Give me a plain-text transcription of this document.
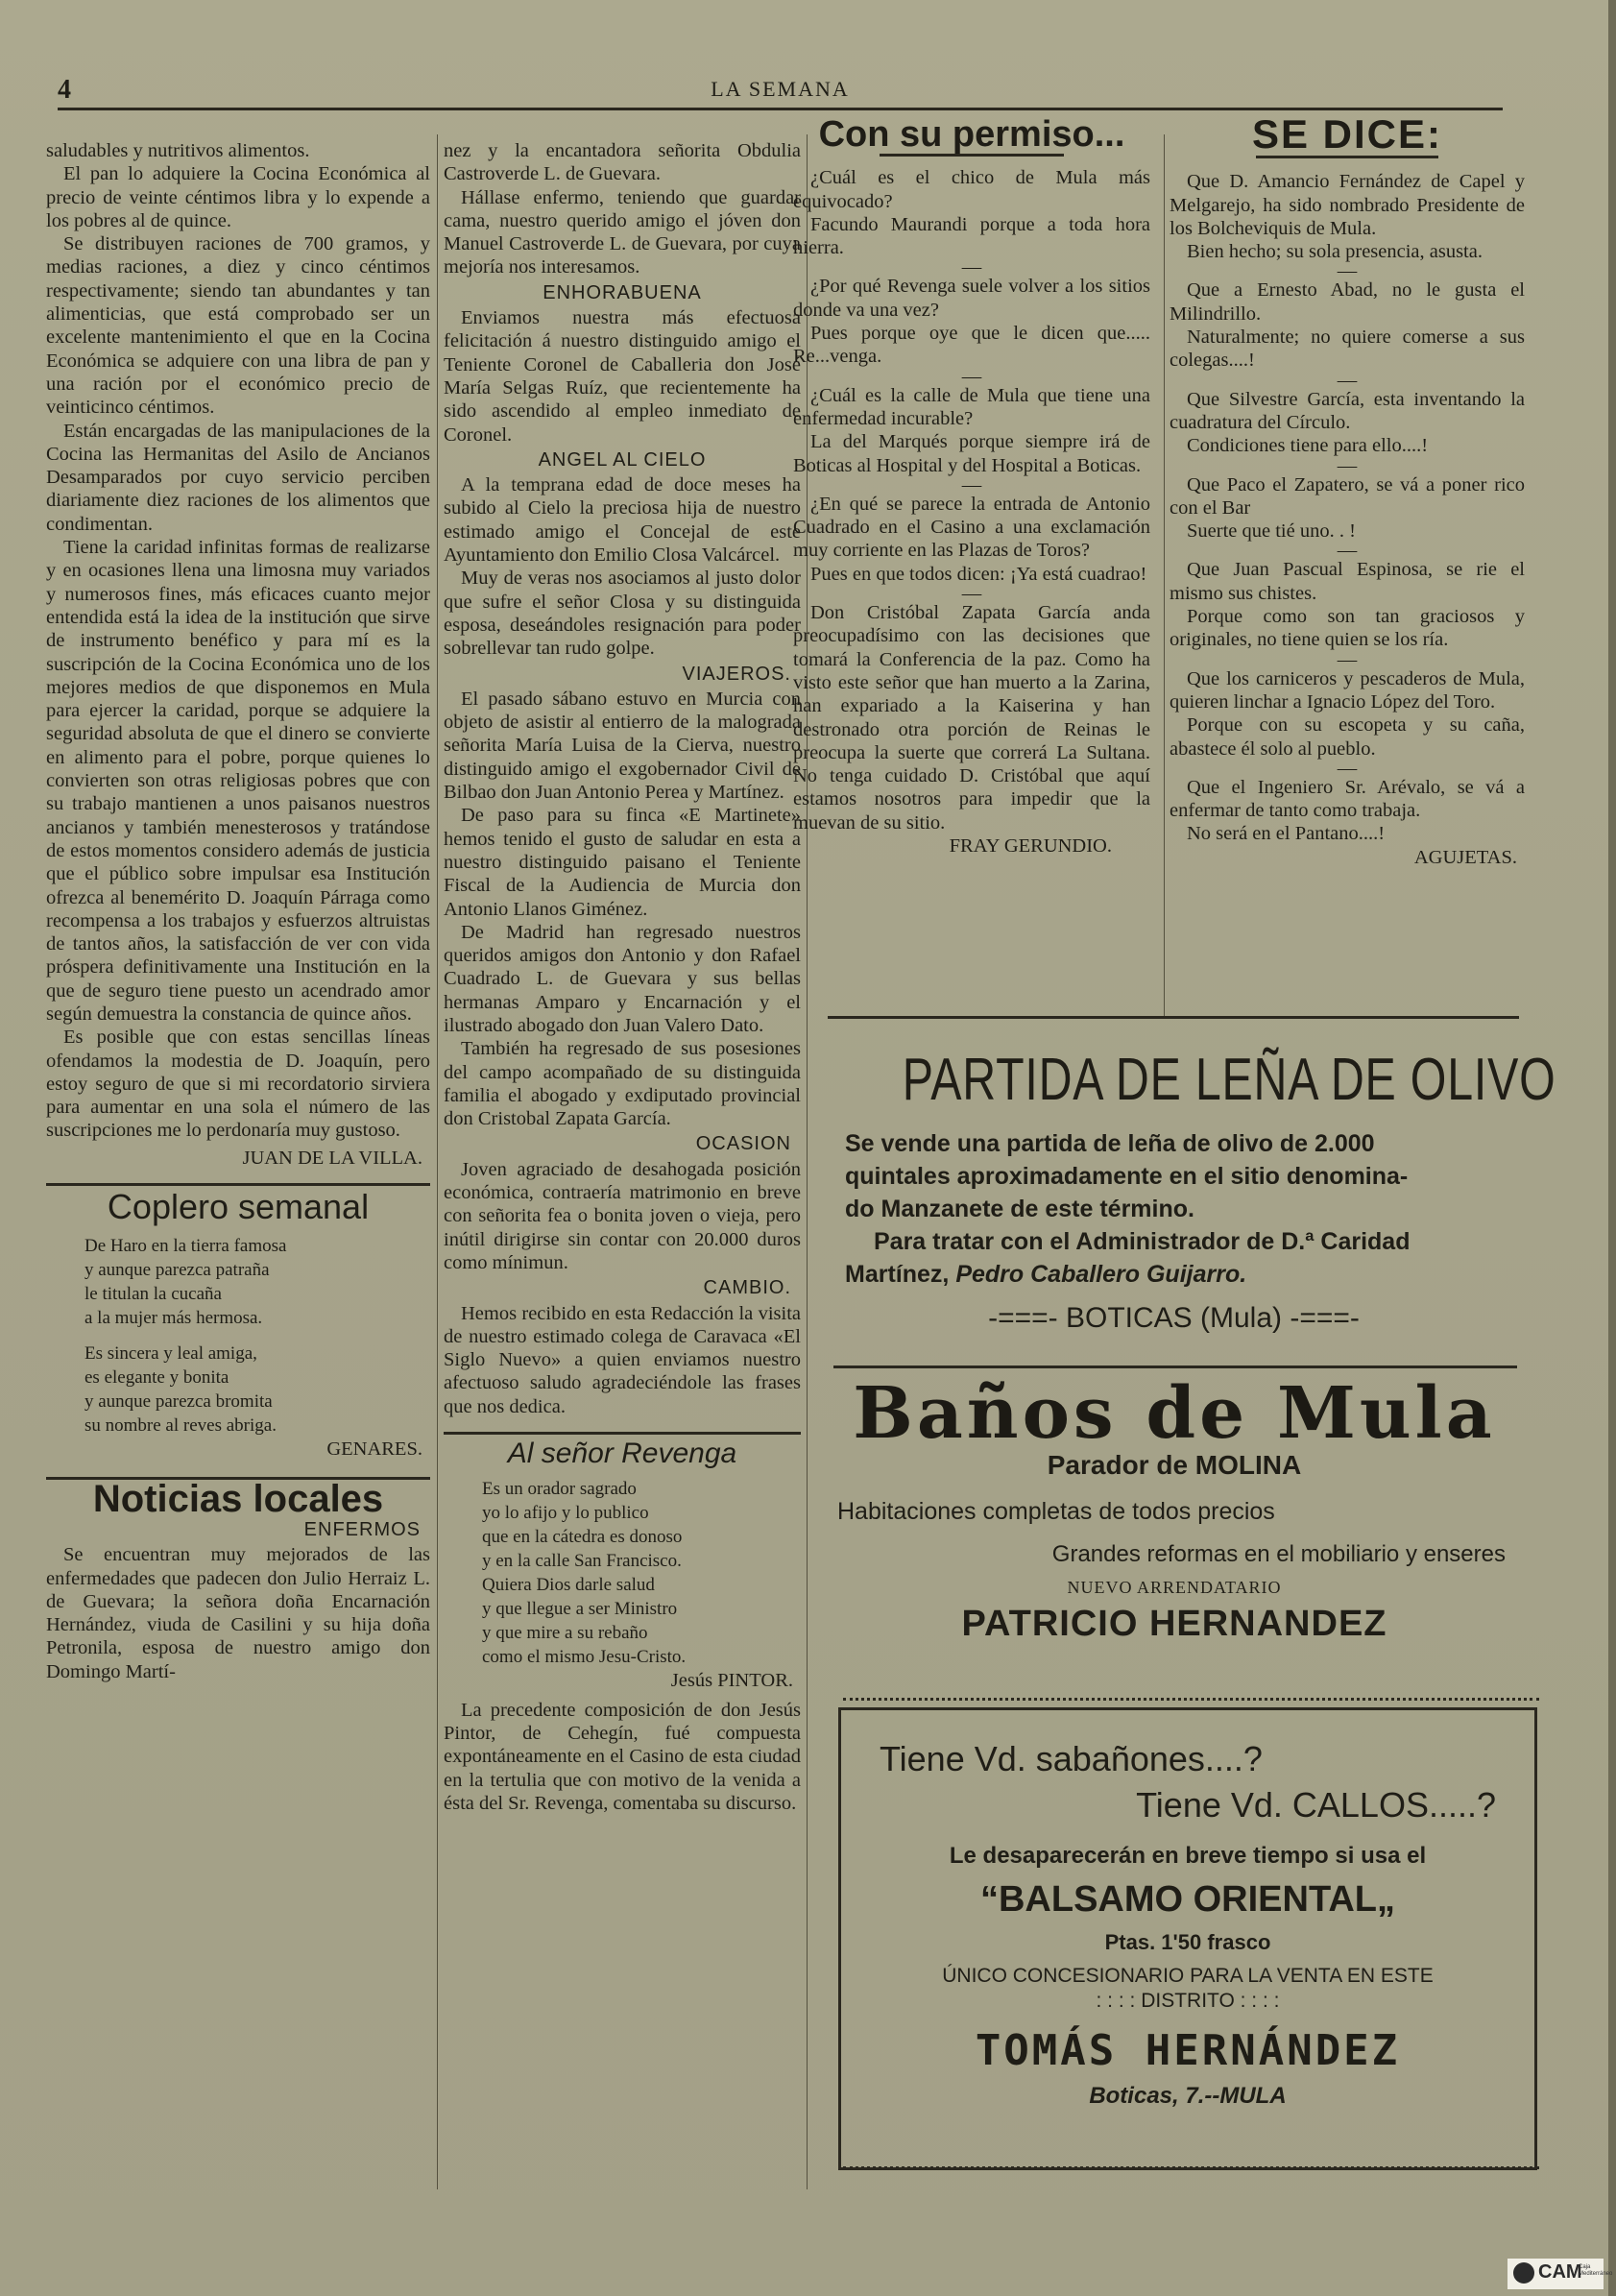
4	LA SEMANA

saludables y nutritivos alimentos.

El pan lo adquiere la Cocina Económica al precio de veinte céntimos libra y lo expende a los pobres al de quince.

Se distribuyen raciones de 700 gramos, y medias raciones, a diez y cinco céntimos respectivamente; siendo tan abundantes y tan alimenticias, que está comprobado ser un excelente mantenimiento el que en la Cocina Económica se adquiere con una libra de pan y una ración por el económico precio de veinticinco céntimos.

Están encargadas de las manipulaciones de la Cocina las Hermanitas del Asilo de Ancianos Desamparados por cuyo servicio perciben diariamente diez raciones de los alimentos que condimentan.

Tiene la caridad infinitas formas de realizarse y en ocasiones llena una limosna muy variados y numerosos fines, más eficaces cuanto mejor entendida está la idea de la institución que sirve de instrumento benéfico y para mí es la suscripción de la Cocina Económica uno de los mejores medios de que disponemos en Mula para ejercer la caridad, porque se adquiere la seguridad absoluta de que el dinero se convierte en alimento para el pobre, porque quienes lo convierten son otras religiosas pobres que con su trabajo mantienen a unos paisanos nuestros ancianos y también menesterosos y tratándose de estos momentos considero además de justicia que el público sobre impulsar esa Institución ofrezca al benemérito D. Joaquín Párraga como recompensa a los trabajos y esfuerzos altruistas de tantos años, la satisfacción de ver con vida próspera definitivamente una Institución en la que de seguro tiene puesto un acendrado amor según demuestra la constancia de quince años.

Es posible que con estas sencillas líneas ofendamos la modestia de D. Joaquín, pero estoy seguro de que si mi recordatorio sirviera para aumentar en una sola el número de las suscripciones me lo perdonaría muy gustoso.

JUAN DE LA VILLA.

Coplero semanal

De Haro en la tierra famosa

y aunque parezca patraña

le titulan la cucaña

a la mujer más hermosa.

Es sincera y leal amiga,

es elegante y bonita

y aunque parezca bromita

su nombre al reves abriga.

GENARES.

Noticias locales
ENFERMOS

Se encuentran muy mejorados de las enfermedades que padecen don Julio Herraiz L. de Guevara; la señora doña Encarnación Hernández, viuda de Casilini y su hija doña Petronila, esposa de nuestro amigo don Domingo Martí-

nez y la encantadora señorita Obdulia Castroverde L. de Guevara.

Hállase enfermo, teniendo que guardar cama, nuestro querido amigo el jóven don Manuel Castroverde L. de Guevara, por cuya mejoría nos interesamos.

ENHORABUENA

Enviamos nuestra más efectuosa felicitación á nuestro distinguido amigo el Teniente Coronel de Caballeria don José María Selgas Ruíz, que recientemente ha sido ascendido al empleo inmediato de Coronel.

ANGEL AL CIELO

A la temprana edad de doce meses ha subido al Cielo la preciosa hija de nuestro estimado amigo el Concejal de este Ayuntamiento don Emilio Closa Valcárcel.

Muy de veras nos asociamos al justo dolor que sufre el señor Closa y su distinguida esposa, deseándoles resignación para poder sobrellevar tan rudo golpe.

VIAJEROS.

El pasado sábano estuvo en Murcia con objeto de asistir al entierro de la malograda señorita María Luisa de la Cierva, nuestro distinguido amigo el exgobernador Civil de Bilbao don Juan Antonio Perea y Martínez.

De paso para su finca «E Martinete» hemos tenido el gusto de saludar en esta a nuestro distinguido paisano el Teniente Fiscal de la Audiencia de Murcia don Antonio Llanos Giménez.

De Madrid han regresado nuestros queridos amigos don Antonio y don Rafael Cuadrado L. de Guevara y sus bellas hermanas Amparo y Encarnación y el ilustrado abogado don Juan Valero Dato.

También ha regresado de sus posesiones del campo acompañado de su distinguida familia el abogado y exdiputado provincial don Cristobal Zapata García.

OCASION

Joven agraciado de desahogada posición económica, contraería matrimonio en breve con señorita fea o bonita joven o vieja, pero inútil dirigirse sin contar con 20.000 duros como mínimun.

CAMBIO.

Hemos recibido en esta Redacción la visita de nuestro estimado colega de Caravaca «El Siglo Nuevo» a quien enviamos nuestro afectuoso saludo agradeciéndole las frases que nos dedica.

Al señor Revenga

Es un orador sagrado

yo lo afijo y lo publico

que en la cátedra es donoso

y en la calle San Francisco.

Quiera Dios darle salud

y que llegue a ser Ministro

y que mire a su rebaño

como el mismo Jesu-Cristo.

Jesús PINTOR.

La precedente composición de don Jesús Pintor, de Cehegín, fué compuesta expontáneamente en el Casino de esta ciudad en la tertulia que con motivo de la venida a ésta del Sr. Revenga, comentaba su discurso.

Con su permiso...

¿Cuál es el chico de Mula más equivocado?

Facundo Maurandi porque a toda hora hierra.

—

¿Por qué Revenga suele volver a los sitios donde va una vez?

Pues porque oye que le dicen que..... Re...venga.

—

¿Cuál es la calle de Mula que tiene una enfermedad incurable?

La del Marqués porque siempre irá de Boticas al Hospital y del Hospital a Boticas.

—

¿En qué se parece la entrada de Antonio Cuadrado en el Casino a una exclamación muy corriente en las Plazas de Toros?

Pues en que todos dicen: ¡Ya está cuadrao!

—

Don Cristóbal Zapata García anda preocupadísimo con las decisiones que tomará la Conferencia de la paz. Como ha visto este señor que han muerto a la Zarina, han expariado a la Kaiserina y han destronado otra porción de Reinas le preocupa la suerte que correrá La Sultana. No tenga cuidado D. Cristóbal que aquí estamos nosotros para impedir que la muevan de su sitio.

FRAY GERUNDIO.

SE DICE:

Que D. Amancio Fernández de Capel y Melgarejo, ha sido nombrado Presidente de los Bolcheviquis de Mula.

Bien hecho; su sola presencia, asusta.

—

Que a Ernesto Abad, no le gusta el Milindrillo.

Naturalmente; no quiere comerse a sus colegas....!

—

Que Silvestre García, esta inventando la cuadratura del Círculo.

Condiciones tiene para ello....!

—

Que Paco el Zapatero, se vá a poner rico con el Bar

Suerte que tié uno. . !

—

Que Juan Pascual Espinosa, se rie el mismo sus chistes.

Porque como son tan graciosos y originales, no tiene quien se los ría.

—

Que los carniceros y pescaderos de Mula, quieren linchar a Ignacio López del Toro.

Porque con su escopeta y su caña, abastece él solo al pueblo.

—

Que el Ingeniero Sr. Arévalo, se vá a enfermar de tanto como trabaja.

No será en el Pantano....!

AGUJETAS.

PARTIDA DE LEÑA DE OLIVO

Se vende una partida de leña de olivo de 2.000

quintales aproximadamente en el sitio denomina-

do Manzanete de este término.

Para tratar con el Administrador de D.ª Caridad

Martínez, Pedro Caballero Guijarro.

-===- BOTICAS (Mula) -===-

Baños de Mula

Parador de MOLINA

Habitaciones completas de todos precios

Grandes reformas en el mobiliario y enseres

NUEVO ARRENDATARIO

PATRICIO HERNANDEZ

Tiene Vd. sabañones....?

Tiene Vd. CALLOS.....?

Le desaparecerán en breve tiempo si usa el

“BALSAMO ORIENTAL„

Ptas. 1'50 frasco

ÚNICO CONCESIONARIO PARA LA VENTA EN ESTE

: : : : DISTRITO : : : :

TOMÁS HERNÁNDEZ

Boticas, 7.--MULA

CAM
Caja Mediterráneo
